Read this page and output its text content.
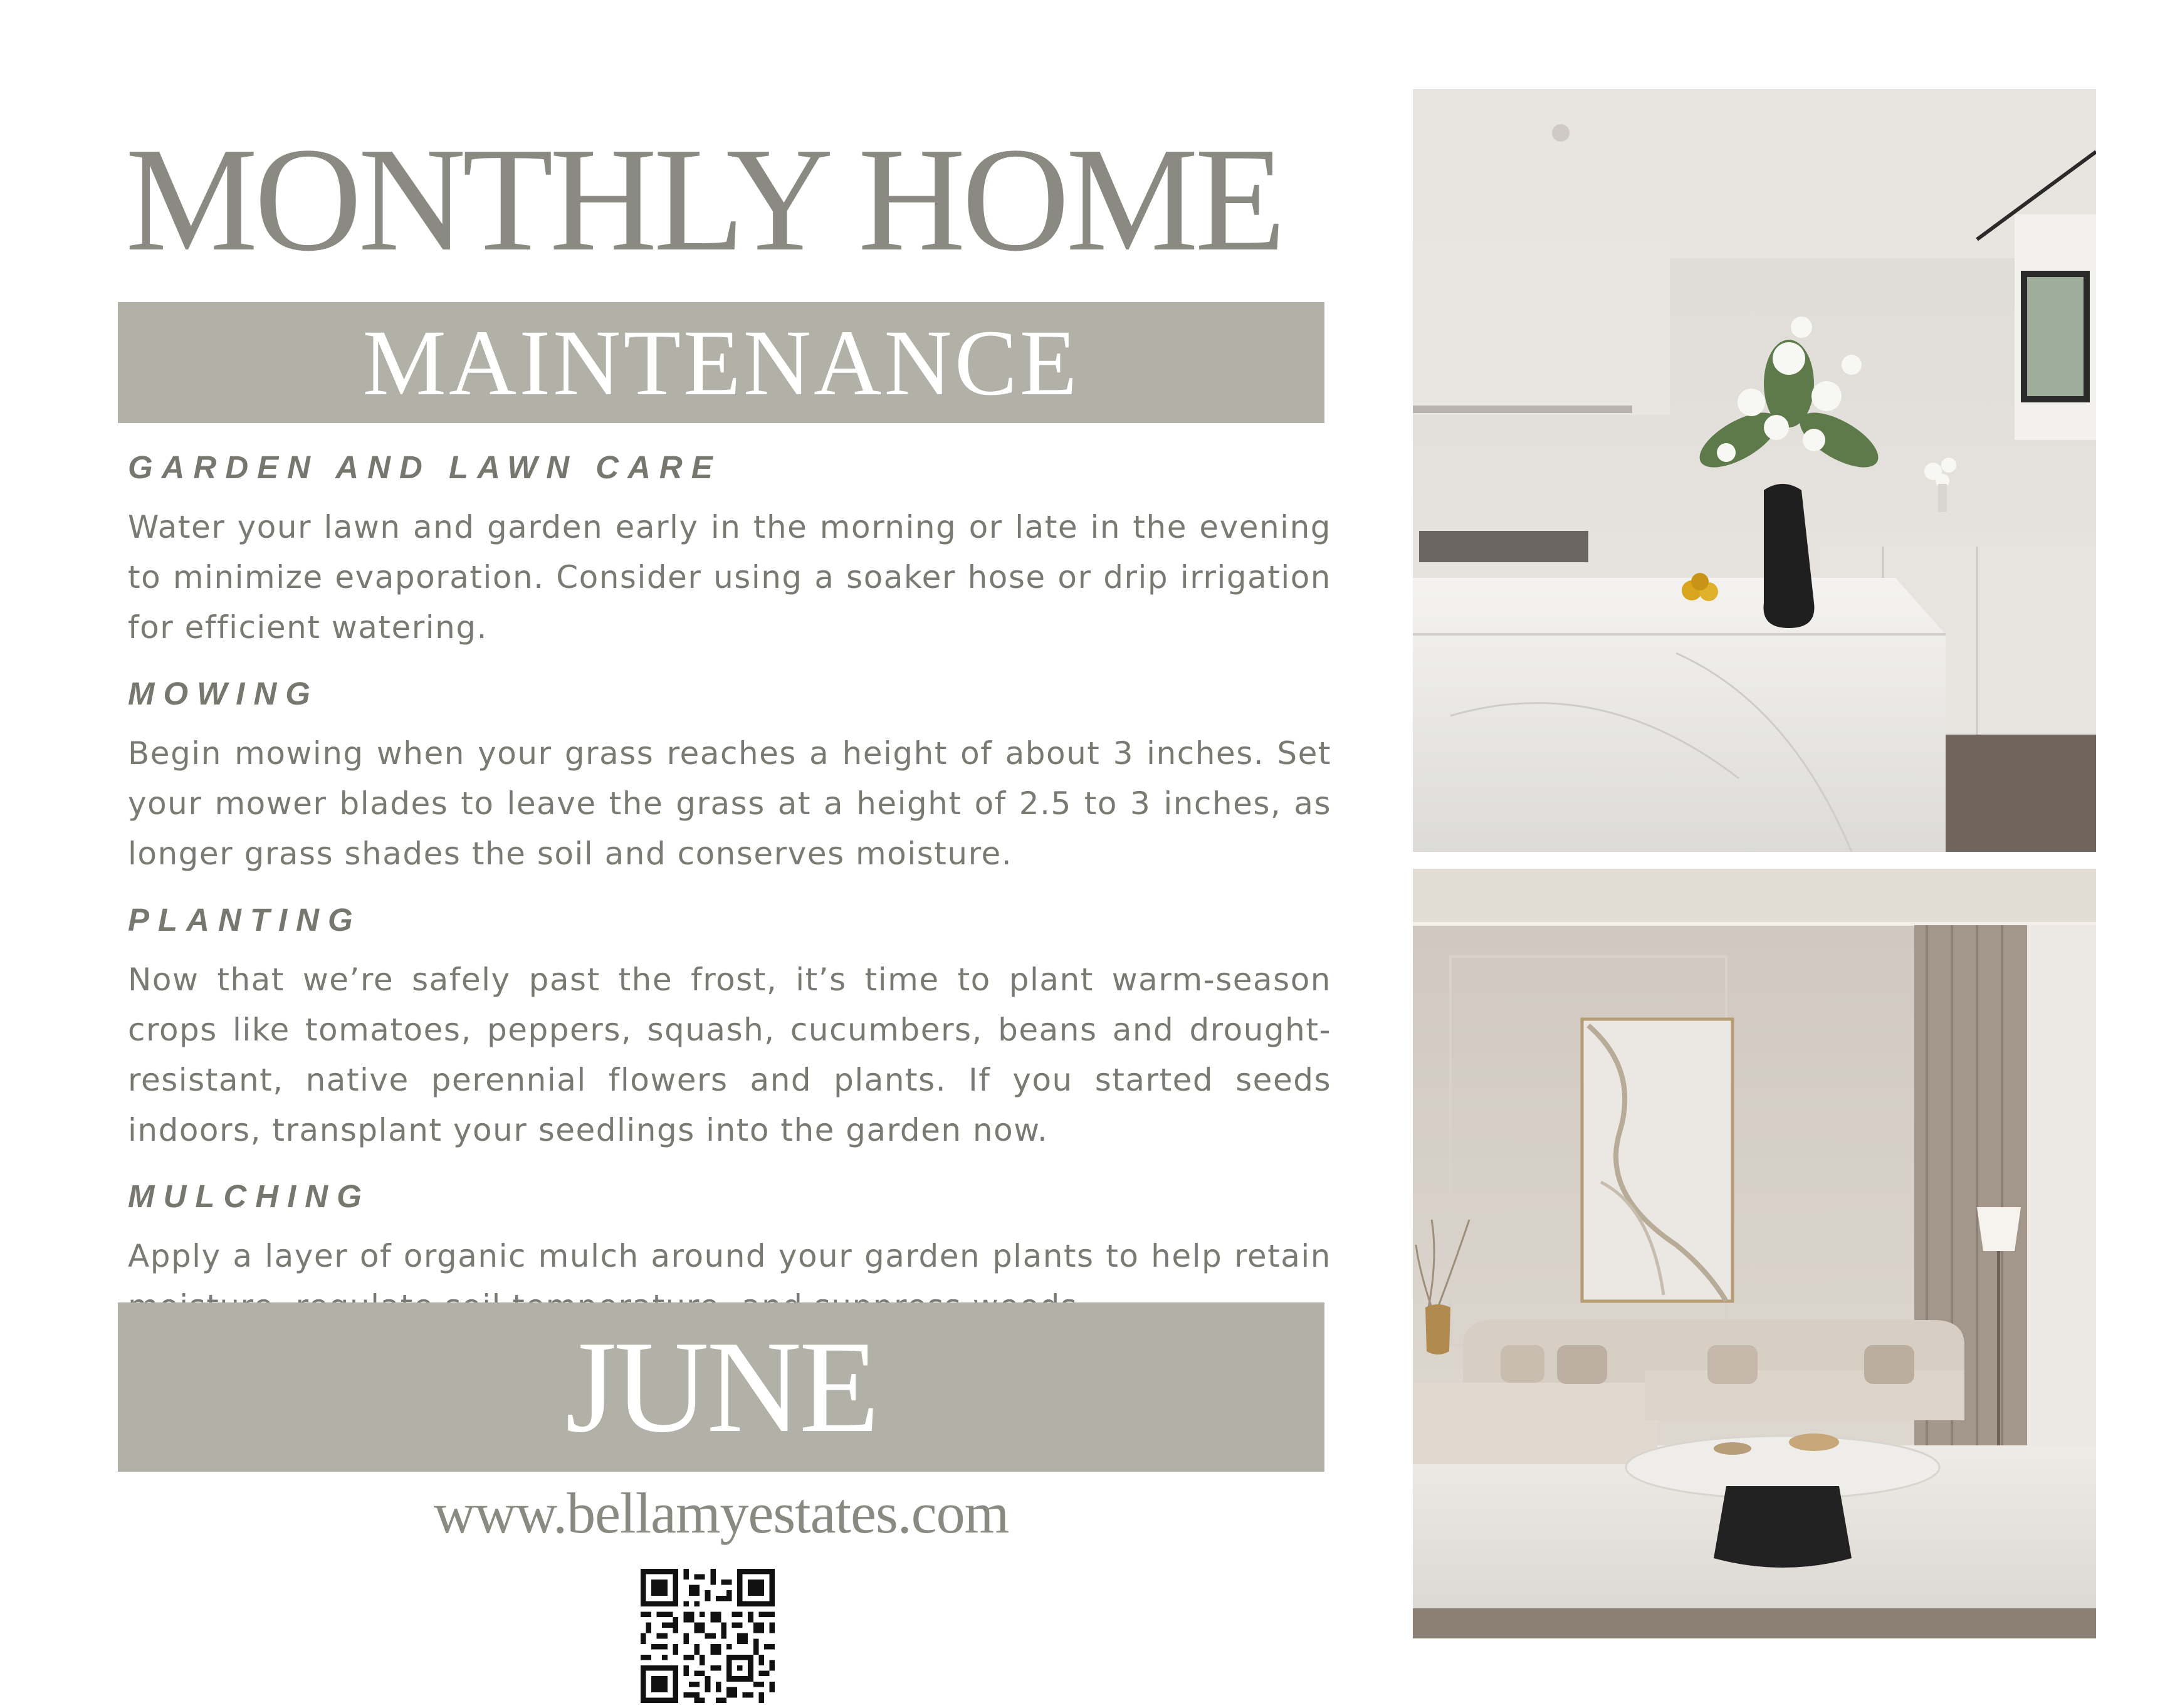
MONTHLY HOME
MAINTENANCE

GARDEN AND LAWN CARE

Water your lawn and garden early in the morning or late in the evening to minimize evaporation. Consider using a soaker hose or drip irrigation for efficient watering.

MOWING

Begin mowing when your grass reaches a height of about 3 inches. Set your mower blades to leave the grass at a height of 2.5 to 3 inches, as longer grass shades the soil and conserves moisture.

PLANTING

Now that we’re safely past the frost, it’s time to plant warm-season crops like tomatoes, peppers, squash, cucumbers, beans and drought-resistant, native perennial flowers and plants. If you started seeds indoors, transplant your seedlings into the garden now.

MULCHING

Apply a layer of organic mulch around your garden plants to help retain

JUNE
www.bellamyestates.com
